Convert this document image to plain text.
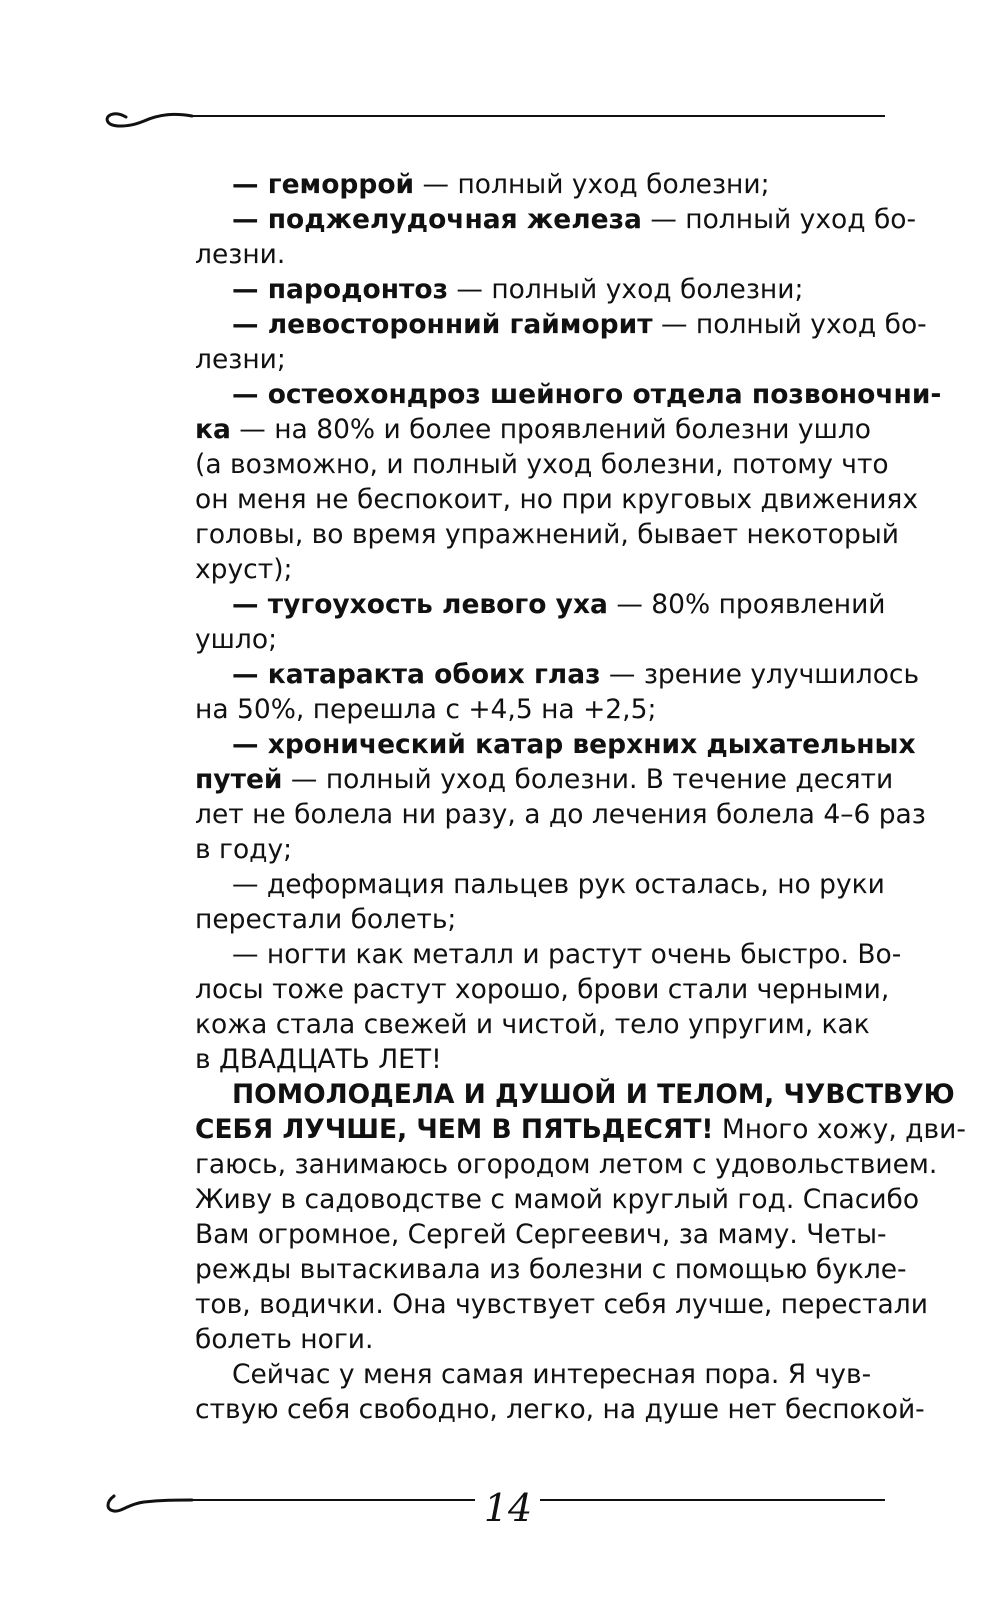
— геморрой — полный уход болезни;
— поджелудочная железа — полный уход бо-
лезни.
— пародонтоз — полный уход болезни;
— левосторонний гайморит — полный уход бо-
лезни;
— остеохондроз шейного отдела позвоночни-
ка — на 80% и более проявлений болезни ушло
(а возможно, и полный уход болезни, потому что
он меня не беспокоит, но при круговых движениях
головы, во время упражнений, бывает некоторый
хруст);
— тугоухость левого уха — 80% проявлений
ушло;
— катаракта обоих глаз — зрение улучшилось
на 50%, перешла с +4,5 на +2,5;
— хронический катар верхних дыхательных
путей — полный уход болезни. В течение десяти
лет не болела ни разу, а до лечения болела 4–6 раз
в году;
— деформация пальцев рук осталась, но руки
перестали болеть;
— ногти как металл и растут очень быстро. Во-
лосы тоже растут хорошо, брови стали черными,
кожа стала свежей и чистой, тело упругим, как
в ДВАДЦАТЬ ЛЕТ!
ПОМОЛОДЕЛА И ДУШОЙ И ТЕЛОМ, ЧУВСТВУЮ
СЕБЯ ЛУЧШЕ, ЧЕМ В ПЯТЬДЕСЯТ! Много хожу, дви-
гаюсь, занимаюсь огородом летом с удовольствием.
Живу в садоводстве с мамой круглый год. Спасибо
Вам огромное, Сергей Сергеевич, за маму. Четы-
режды вытаскивала из болезни с помощью букле-
тов, водички. Она чувствует себя лучше, перестали
болеть ноги.
Сейчас у меня самая интересная пора. Я чув-
ствую себя свободно, легко, на душе нет беспокой-
14
